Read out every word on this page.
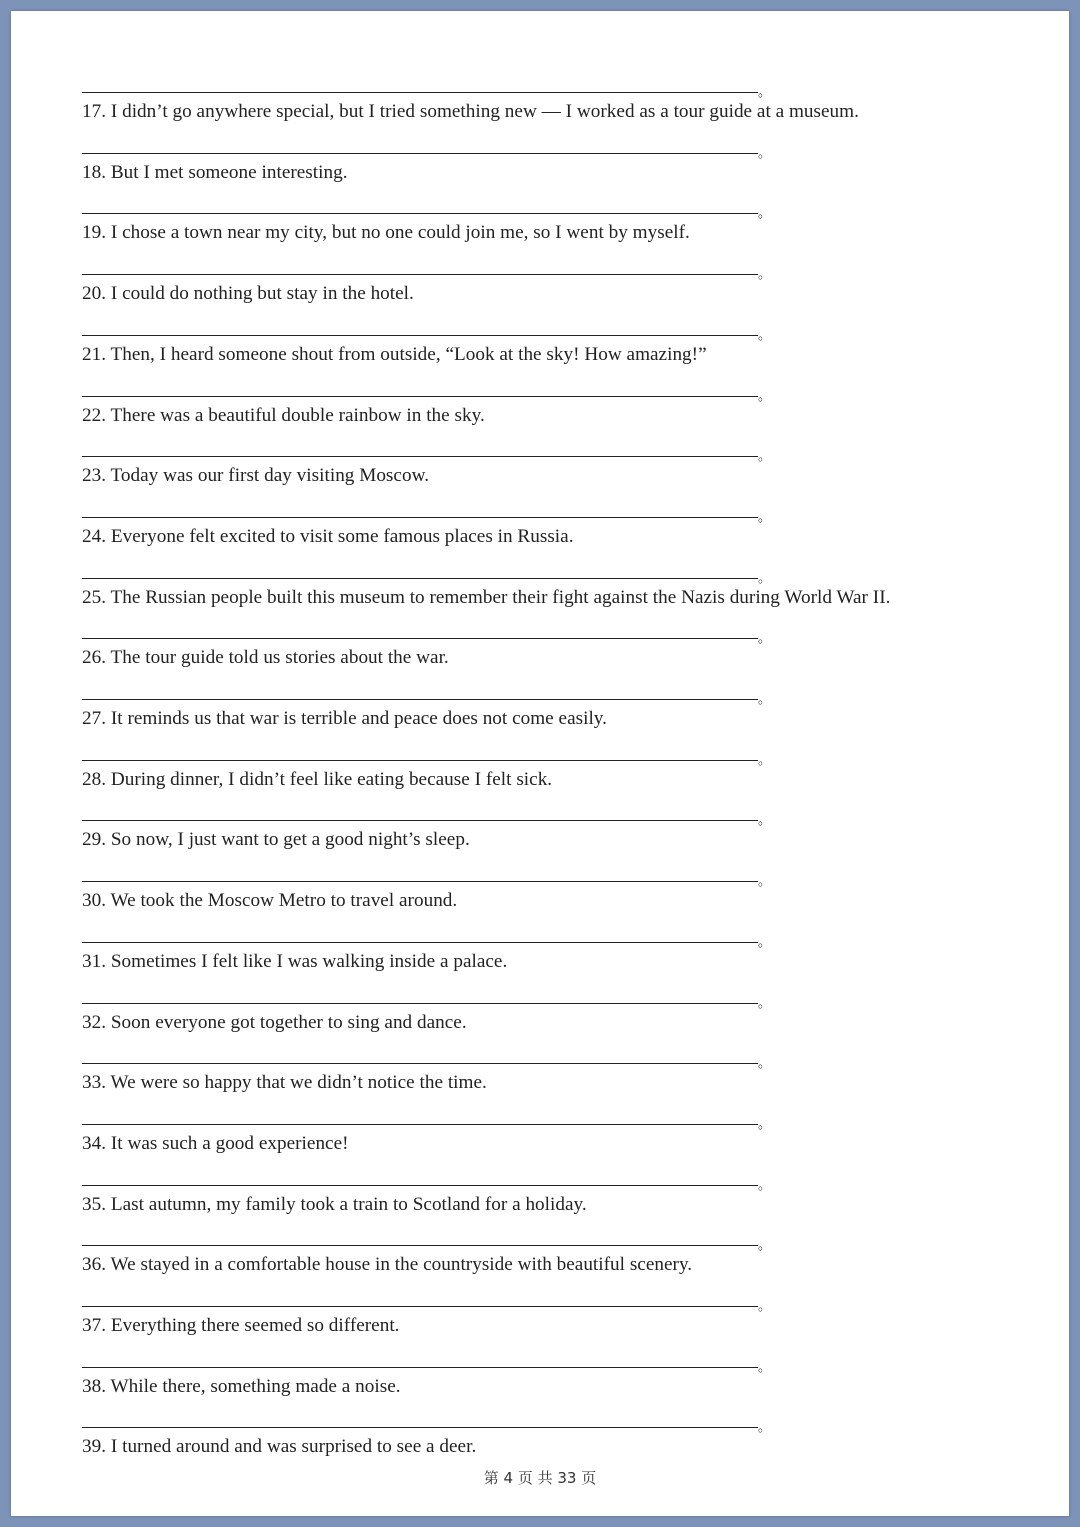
。
17. I didn’t go anywhere special, but I tried something new — I worked as a tour guide at a museum.
。
18. But I met someone interesting.
。
19. I chose a town near my city, but no one could join me, so I went by myself.
。
20. I could do nothing but stay in the hotel.
。
21. Then, I heard someone shout from outside, “Look at the sky! How amazing!”
。
22. There was a beautiful double rainbow in the sky.
。
23. Today was our first day visiting Moscow.
。
24. Everyone felt excited to visit some famous places in Russia.
。
25. The Russian people built this museum to remember their fight against the Nazis during World War II.
。
26. The tour guide told us stories about the war.
。
27. It reminds us that war is terrible and peace does not come easily.
。
28. During dinner, I didn’t feel like eating because I felt sick.
。
29. So now, I just want to get a good night’s sleep.
。
30. We took the Moscow Metro to travel around.
。
31. Sometimes I felt like I was walking inside a palace.
。
32. Soon everyone got together to sing and dance.
。
33. We were so happy that we didn’t notice the time.
。
34. It was such a good experience!
。
35. Last autumn, my family took a train to Scotland for a holiday.
。
36. We stayed in a comfortable house in the countryside with beautiful scenery.
。
37. Everything there seemed so different.
。
38. While there, something made a noise.
。
39. I turned around and was surprised to see a deer.
第 4 页 共 33 页
